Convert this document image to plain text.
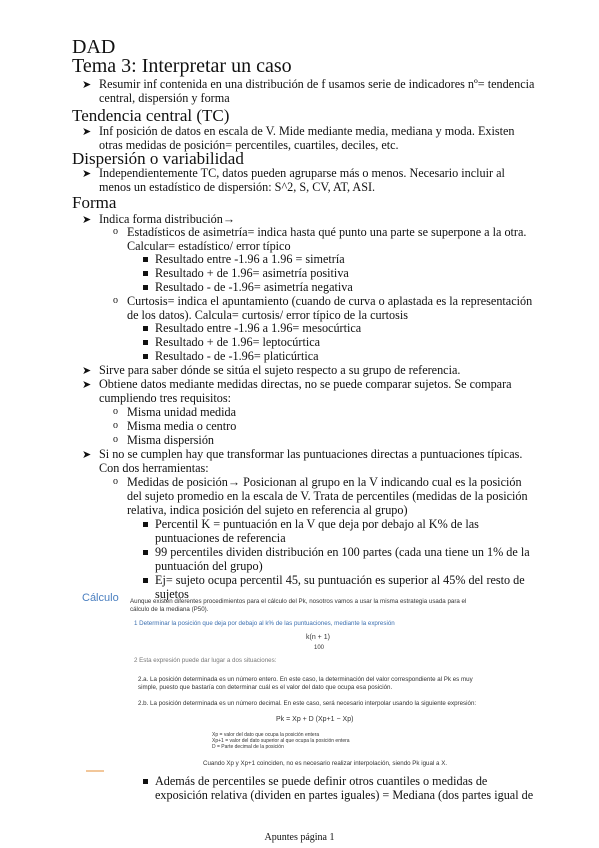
DAD
Tema 3: Interpretar un caso
➤ Resumir inf contenida en una distribución de f usamos serie de indicadores nº= tendencia
central, dispersión y forma
Tendencia central (TC)
➤ Inf posición de datos en escala de V. Mide mediante media, mediana y moda. Existen
otras medidas de posición= percentiles, cuartiles, deciles, etc.
Dispersión o variabilidad
➤ Independientemente TC, datos pueden agruparse más o menos. Necesario incluir al
menos un estadístico de dispersión: S^2, S, CV, AT, ASI.
Forma
➤ Indica forma distribución→
o Estadísticos de asimetría= indica hasta qué punto una parte se superpone a la otra.
Calcular= estadístico/ error típico
Resultado entre -1.96 a 1.96 = simetría
Resultado + de 1.96= asimetría positiva
Resultado - de -1.96= asimetría negativa
o Curtosis= indica el apuntamiento (cuando de curva o aplastada es la representación
de los datos). Calcula= curtosis/ error típico de la curtosis
Resultado entre -1.96 a 1.96= mesocúrtica
Resultado + de 1.96= leptocúrtica
Resultado - de -1.96= platicúrtica
➤ Sirve para saber dónde se sitúa el sujeto respecto a su grupo de referencia.
➤ Obtiene datos mediante medidas directas, no se puede comparar sujetos. Se compara
cumpliendo tres requisitos:
o Misma unidad medida
o Misma media o centro
o Misma dispersión
➤ Si no se cumplen hay que transformar las puntuaciones directas a puntuaciones típicas.
Con dos herramientas:
o Medidas de posición→ Posicionan al grupo en la V indicando cual es la posición
del sujeto promedio en la escala de V. Trata de percentiles (medidas de la posición
relativa, indica posición del sujeto en referencia al grupo)
Percentil K = puntuación en la V que deja por debajo al K% de las
puntuaciones de referencia
99 percentiles dividen distribución en 100 partes (cada una tiene un 1% de la
puntuación del grupo)
Ej= sujeto ocupa percentil 45, su puntuación es superior al 45% del resto de
sujetos
Cálculo Aunque existen diferentes procedimientos para el cálculo del Pk, nosotros vamos a usar la misma estrategia usada para el
cálculo de la mediana (P50).
1 Determinar la posición que deja por debajo al k% de las puntuaciones, mediante la expresión
k(n + 1)
100
2 Esta expresión puede dar lugar a dos situaciones:
2.a. La posición determinada es un número entero. En este caso, la determinación del valor correspondiente al Pk es muy
simple, puesto que bastaría con determinar cuál es el valor del dato que ocupa esa posición.
2.b. La posición determinada es un número decimal. En este caso, será necesario interpolar usando la siguiente expresión:
Pk = Xp + D (Xp+1 − Xp)
Xp = valor del dato que ocupa la posición entera
Xp+1 = valor del dato superior al que ocupa la posición entera
D = Parte decimal de la posición
Cuando Xp y Xp+1 coinciden, no es necesario realizar interpolación, siendo Pk igual a X.
Además de percentiles se puede definir otros cuantiles o medidas de
exposición relativa (dividen en partes iguales) = Mediana (dos partes igual de
Apuntes página 1
